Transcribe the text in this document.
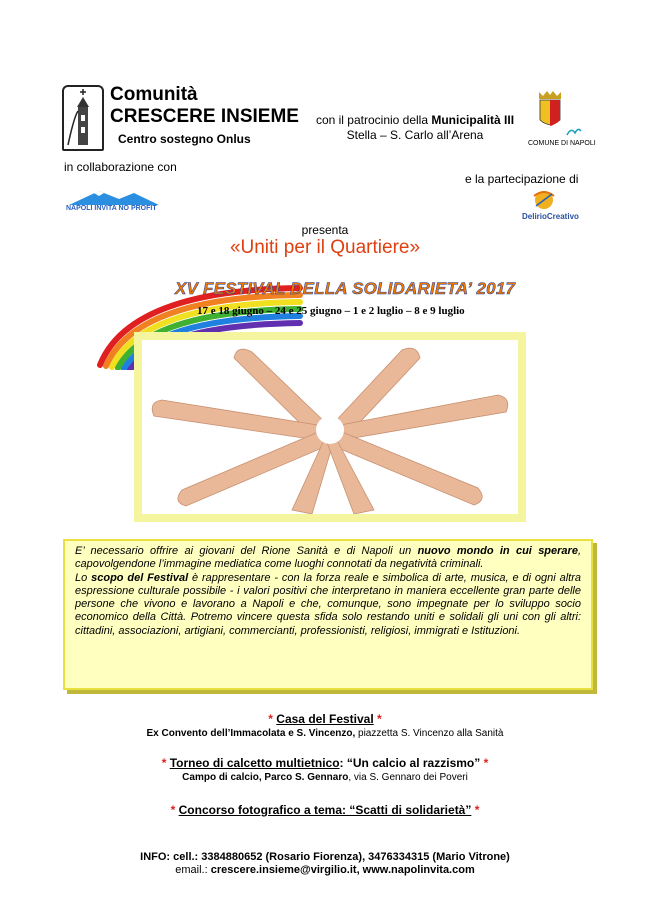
Comunità
CRESCERE INSIEME
Centro sostegno Onlus
con il patrocinio della Municipalità III
Stella – S. Carlo all’Arena
COMUNE DI NAPOLI
in collaborazione con
e la partecipazione di
NAPOLI INVITA NO PROFIT
DelirioCreativo
presenta
«Uniti per il Quartiere»
XV FESTIVAL DELLA SOLIDARIETA’ 2017
17 e 18 giugno – 24 e 25 giugno – 1 e 2 luglio – 8 e 9 luglio
E’ necessario offrire ai giovani del Rione Sanità e di Napoli un nuovo mondo in cui sperare, capovolgendone l’immagine mediatica come luoghi connotati da negatività criminali.
Lo scopo del Festival è rappresentare - con la forza reale e simbolica di arte, musica, e di ogni altra espressione culturale possibile - i valori positivi che interpretano in maniera eccellente gran parte delle persone che vivono e lavorano a Napoli e che, comunque, sono impegnate per lo sviluppo socio economico della Città. Potremo vincere questa sfida solo restando uniti e solidali gli uni con gli altri: cittadini, associazioni, artigiani, commercianti, professionisti, religiosi, immigrati e Istituzioni.
* Casa del Festival *
Ex Convento dell’Immacolata e S. Vincenzo, piazzetta S. Vincenzo alla Sanità
* Torneo di calcetto multietnico: “Un calcio al razzismo” *
Campo di calcio, Parco S. Gennaro, via S. Gennaro dei Poveri
* Concorso fotografico a tema: “Scatti di solidarietà” *
INFO: cell.: 3384880652 (Rosario Fiorenza), 3476334315 (Mario Vitrone)
email.: crescere.insieme@virgilio.it, www.napolinvita.com
